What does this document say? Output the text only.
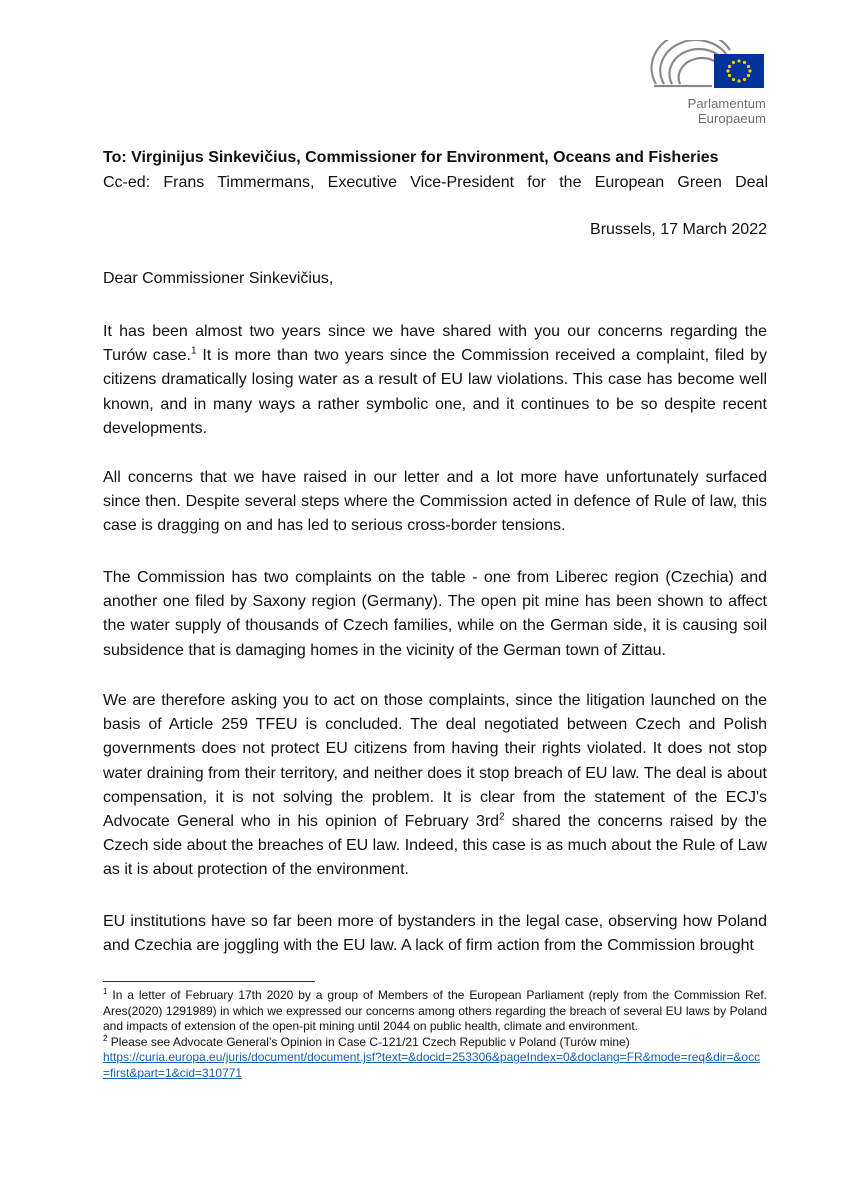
Parlamentum Europaeum
To: Virginijus Sinkevičius, Commissioner for Environment, Oceans and Fisheries
Cc-ed: Frans Timmermans, Executive Vice-President for the European Green Deal
Brussels, 17 March 2022
Dear Commissioner Sinkevičius,

It has been almost two years since we have shared with you our concerns regarding the Turów case.$^1$ It is more than two years since the Commission received a complaint, filed by citizens dramatically losing water as a result of EU law violations. This case has become well known, and in many ways a rather symbolic one, and it continues to be so despite recent developments.

All concerns that we have raised in our letter and a lot more have unfortunately surfaced since then. Despite several steps where the Commission acted in defence of Rule of law, this case is dragging on and has led to serious cross-border tensions.

The Commission has two complaints on the table - one from Liberec region (Czechia) and another one filed by Saxony region (Germany). The open pit mine has been shown to affect the water supply of thousands of Czech families, while on the German side, it is causing soil subsidence that is damaging homes in the vicinity of the German town of Zittau.

We are therefore asking you to act on those complaints, since the litigation launched on the basis of Article 259 TFEU is concluded. The deal negotiated between Czech and Polish governments does not protect EU citizens from having their rights violated. It does not stop water draining from their territory, and neither does it stop breach of EU law. The deal is about compensation, it is not solving the problem. It is clear from the statement of the ECJ's Advocate General who in his opinion of February $3rd^2$ shared the concerns raised by the Czech side about the breaches of EU law. Indeed, this case is as much about the Rule of Law as it is about protection of the environment.

EU institutions have so far been more of bystanders in the legal case, observing how Poland and Czechia are joggling with the EU law. A lack of firm action from the Commission brought

$^1$ In a letter of February 17th 2020 by a group of Members of the European Parliament (reply from the Commission Ref. Ares(2020) 1291989) in which we expressed our concerns among others regarding the breach of several EU laws by Poland and impacts of extension of the open-pit mining until 2044 on public health, climate and environment.

$^2$ Please see Advocate General’s Opinion in Case C-121/21 Czech Republic v Poland (Turów mine)
https://curia.europa.eu/juris/document/document.jsf?text=&docid=253306&pageIndex=0&doclang=FR&mode=req&dir=&occ=first&part=1&cid=310771
